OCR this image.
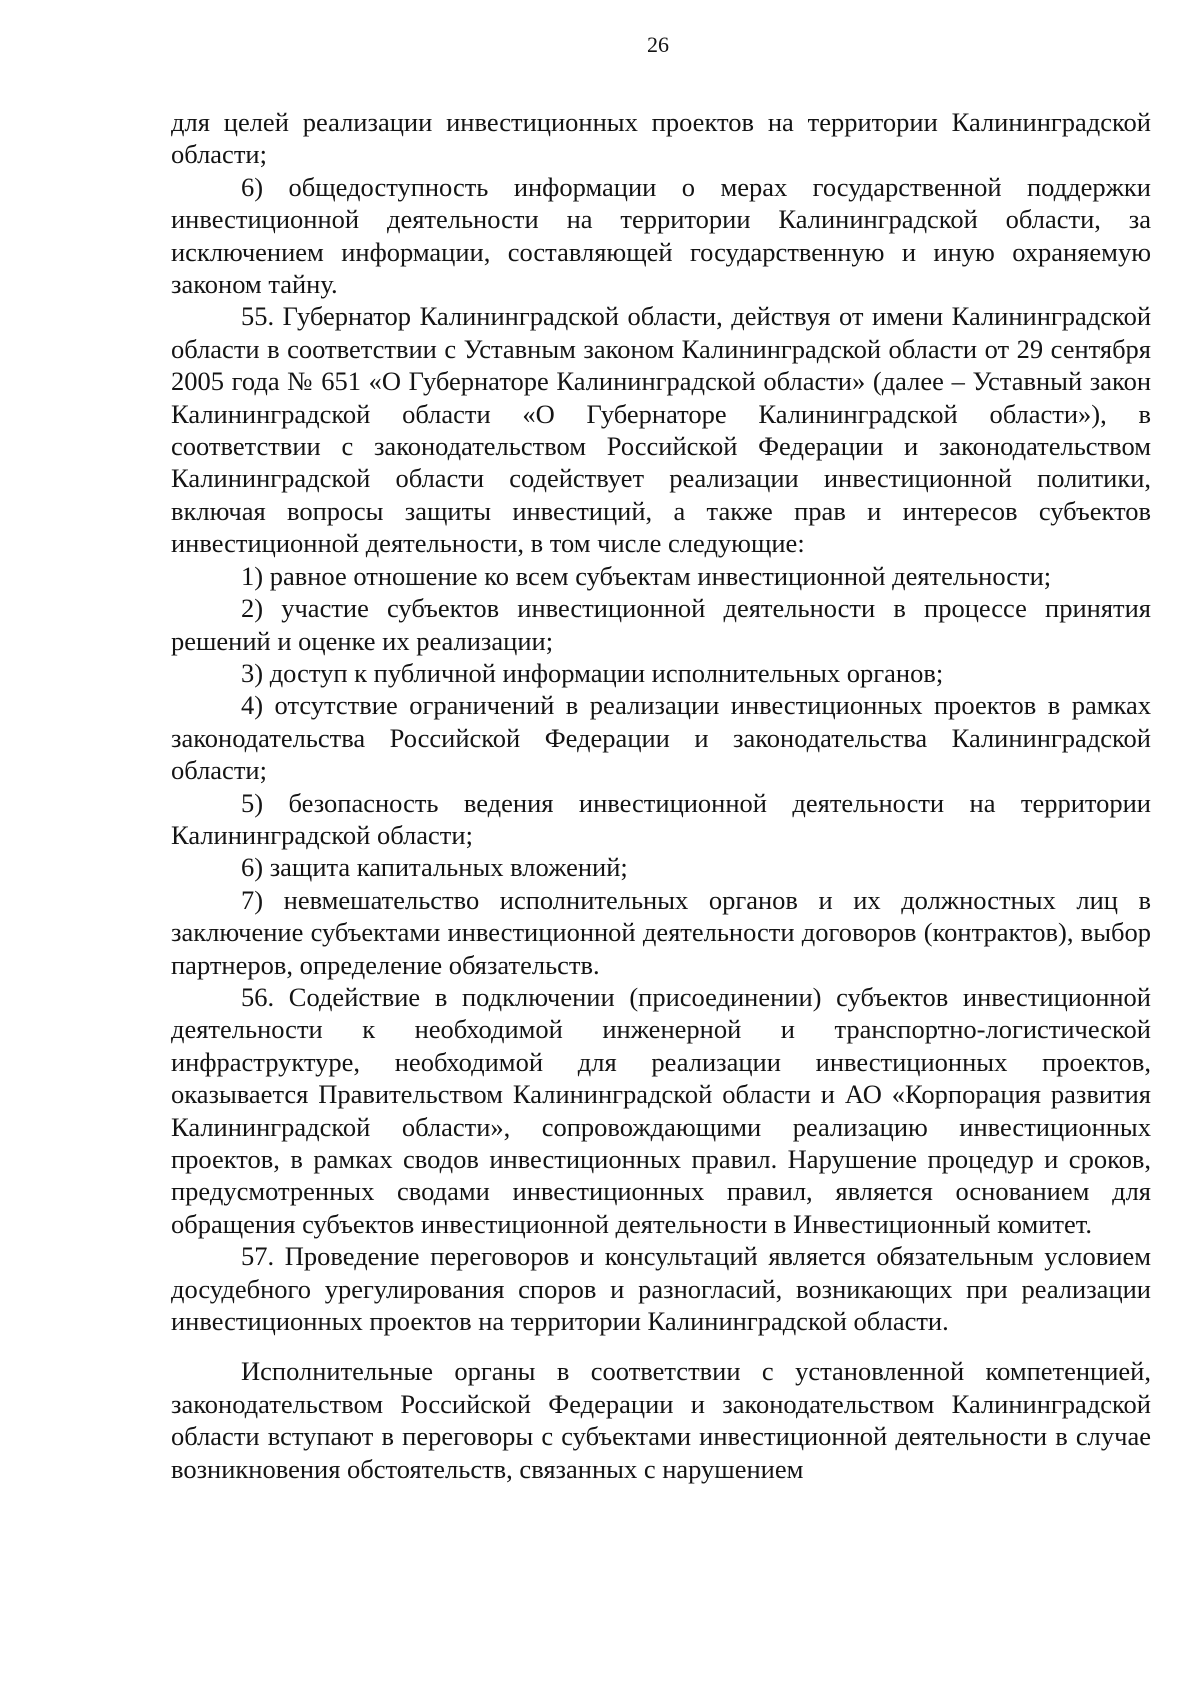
26

для целей реализации инвестиционных проектов на территории Калининградской области;

6) общедоступность информации о мерах государственной поддержки инвестиционной деятельности на территории Калининградской области, за исключением информации, составляющей государственную и иную охраняемую законом тайну.

55. Губернатор Калининградской области, действуя от имени Калининградской области в соответствии с Уставным законом Калининградской области от 29 сентября 2005 года № 651 «О Губернаторе Калининградской области» (далее – Уставный закон Калининградской области «О Губернаторе Калининградской области»), в соответствии с законодательством Российской Федерации и законодательством Калининградской области содействует реализации инвестиционной политики, включая вопросы защиты инвестиций, а также прав и интересов субъектов инвестиционной деятельности, в том числе следующие:

1) равное отношение ко всем субъектам инвестиционной деятельности;

2) участие субъектов инвестиционной деятельности в процессе принятия решений и оценке их реализации;

3) доступ к публичной информации исполнительных органов;

4) отсутствие ограничений в реализации инвестиционных проектов в рамках законодательства Российской Федерации и законодательства Калининградской области;

5) безопасность ведения инвестиционной деятельности на территории Калининградской области;

6) защита капитальных вложений;

7) невмешательство исполнительных органов и их должностных лиц в заключение субъектами инвестиционной деятельности договоров (контрактов), выбор партнеров, определение обязательств.

56. Содействие в подключении (присоединении) субъектов инвестиционной деятельности к необходимой инженерной и транспортно-логистической инфраструктуре, необходимой для реализации инвестиционных проектов, оказывается Правительством Калининградской области и АО «Корпорация развития Калининградской области», сопровождающими реализацию инвестиционных проектов, в рамках сводов инвестиционных правил. Нарушение процедур и сроков, предусмотренных сводами инвестиционных правил, является основанием для обращения субъектов инвестиционной деятельности в Инвестиционный комитет.

57. Проведение переговоров и консультаций является обязательным условием досудебного урегулирования споров и разногласий, возникающих при реализации инвестиционных проектов на территории Калининградской области.

Исполнительные органы в соответствии с установленной компетенцией, законодательством Российской Федерации и законодательством Калининградской области вступают в переговоры с субъектами инвестиционной деятельности в случае возникновения обстоятельств, связанных с нарушением
